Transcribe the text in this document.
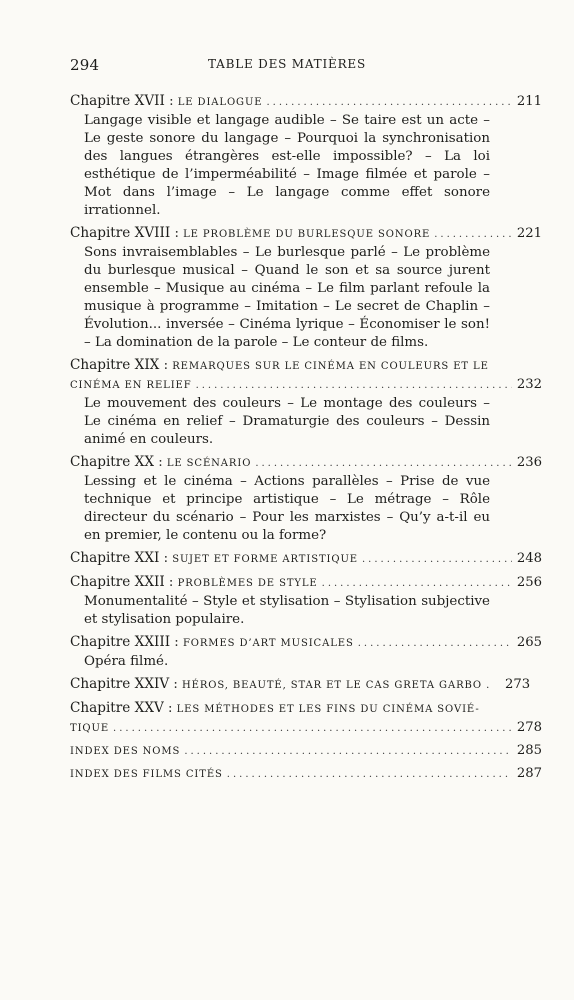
294	TABLE DES MATIÈRES
Chapitre XVII : LE DIALOGUE .....	211
Langage visible et langage audible – Se taire est un acte – Le geste sonore du langage – Pourquoi la synchronisation des langues étrangères est-elle impossible? – La loi esthétique de l’imperméabilité – Image filmée et parole – Mot dans l’image – Le langage comme effet sonore irrationnel.
Chapitre XVIII : LE PROBLÈME DU BURLESQUE SONORE .....	221
Sons invraisemblables – Le burlesque parlé – Le problème du burlesque musical – Quand le son et sa source jurent ensemble – Musique au cinéma – Le film parlant refoule la musique à programme – Imitation – Le secret de Chaplin – Évolution... inversée – Cinéma lyrique – Économiser le son! – La domination de la parole – Le conteur de films.
Chapitre XIX : REMARQUES SUR LE CINÉMA EN COULEURS ET LE
CINÉMA EN RELIEF .....	232
Le mouvement des couleurs – Le montage des couleurs – Le cinéma en relief – Dramaturgie des couleurs – Dessin animé en couleurs.
Chapitre XX : LE SCÉNARIO .....	236
Lessing et le cinéma – Actions parallèles – Prise de vue technique et principe artistique – Le métrage – Rôle directeur du scénario – Pour les marxistes – Qu’y a-t-il eu en premier, le contenu ou la forme?
Chapitre XXI : SUJET ET FORME ARTISTIQUE .....	248
Chapitre XXII : PROBLÈMES DE STYLE .....	256
Monumentalité – Style et stylisation – Stylisation subjective et stylisation populaire.
Chapitre XXIII : FORMES D’ART MUSICALES .....	265
Opéra filmé.
Chapitre XXIV : HÉROS, BEAUTÉ, STAR ET LE CAS GRETA GARBO . 273
Chapitre XXV : LES MÉTHODES ET LES FINS DU CINÉMA SOVIÉ-
TIQUE .....	278
INDEX DES NOMS .....	285
INDEX DES FILMS CITÉS .....	287
